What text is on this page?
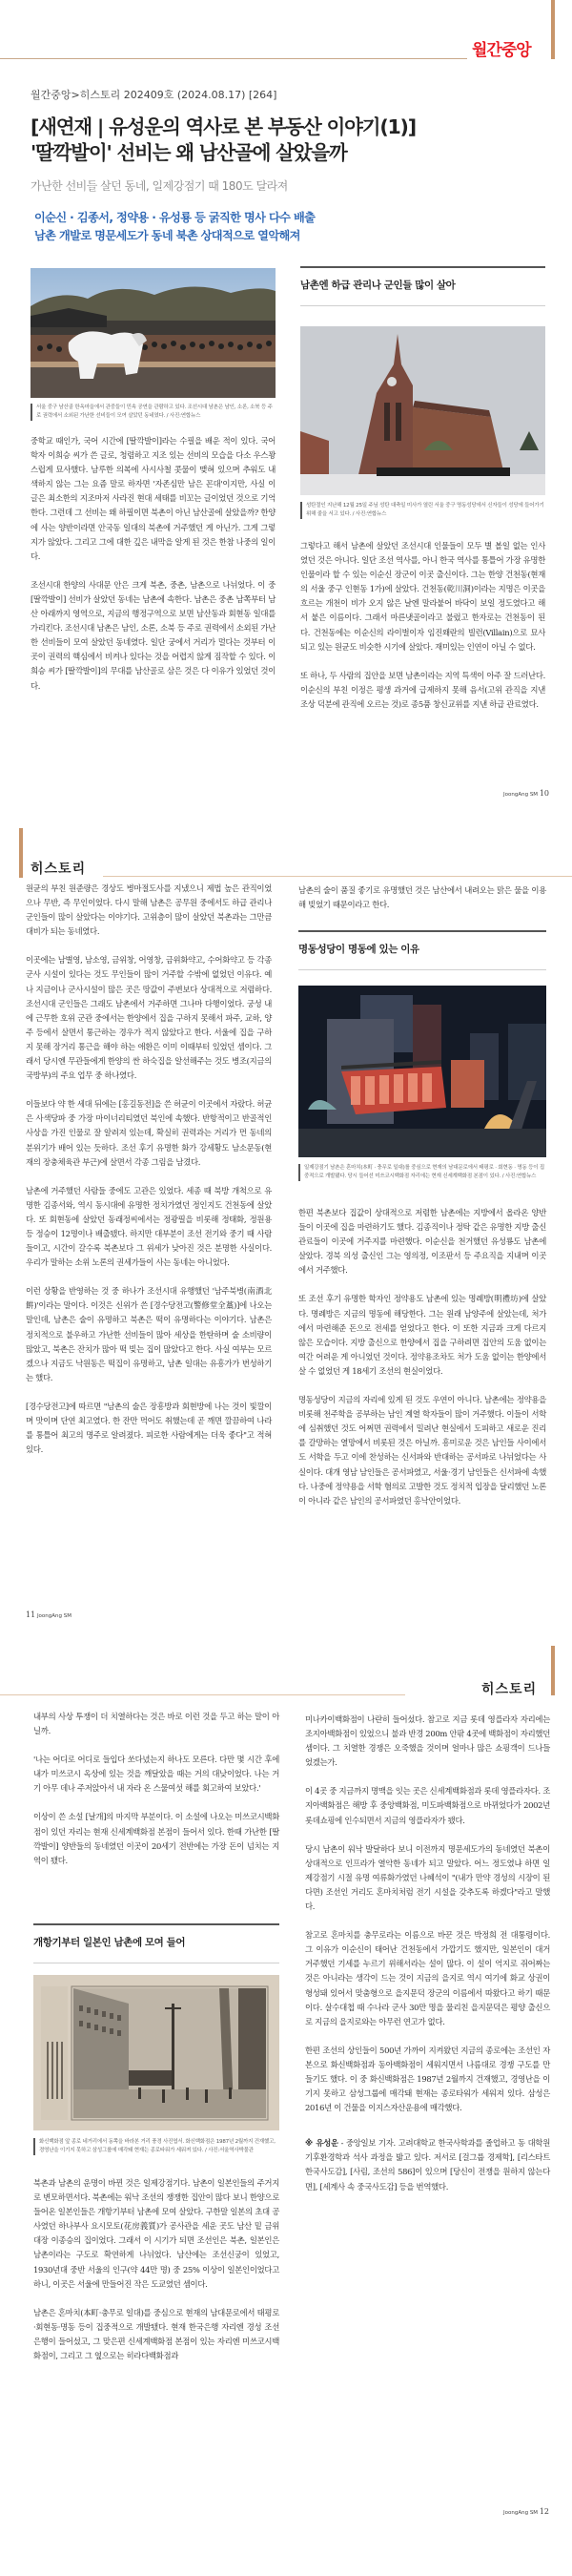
월간중앙
월간중앙>히스토리 202409호 (2024.08.17) [264]
[새연재 | 유성운의 역사로 본 부동산 이야기(1)]
'딸깍발이' 선비는 왜 남산골에 살았을까
가난한 선비들 살던 동네, 일제강점기 때 180도 달라져
이순신 · 김종서, 정약용 · 유성룡 등 굵직한 명사 다수 배출
남촌 개발로 명문세도가 동네 북촌 상대적으로 열악해져
서울 중구 남산골 한옥마을에서 관중들이 민속 공연을 관람하고 있다. 조선시대 남촌은 남인, 소론, 소북 등 주로 권력에서 소외된 가난한 선비들이 모여 살았던 동네였다. / 사진:연합뉴스

중학교 때인가, 국어 시간에 [딸깍발이]라는 수필을 배운 적이 있다. 국어학자 이희승 씨가 쓴 글로, 청렴하고 지조 있는 선비의 모습을 다소 우스꽝스럽게 묘사했다. 남루한 의복에 사시사철 콧물이 맺혀 있으며 추워도 내색하지 않는 그는 요즘 말로 하자면 '자존심만 남은 꼰대'이지만, 사실 이 글은 최소한의 지조마저 사라진 현대 세태를 비꼬는 글이었던 것으로 기억한다. 그런데 그 선비는 왜 하필이면 북촌이 아닌 남산골에 살았을까? 한양에 사는 양반이라면 안국동 일대의 북촌에 거주했던 게 아닌가. 그게 그렇지가 않았다. 그리고 그에 대한 깊은 내막을 알게 된 것은 한참 나중의 일이다.

조선시대 한양의 사대문 안은 크게 북촌, 중촌, 남촌으로 나뉘었다. 이 중 [딸깍발이] 선비가 살았던 동네는 남촌에 속한다. 남촌은 중촌 남쪽부터 남산 아래까지 영역으로, 지금의 행정구역으로 보면 남산동과 회현동 일대를 가리킨다. 조선시대 남촌은 남인, 소론, 소북 등 주로 권력에서 소외된 가난한 선비들이 모여 살았던 동네였다. 일단 궁에서 거리가 멀다는 것부터 이곳이 권력의 핵심에서 비켜나 있다는 것을 어렵지 않게 짐작할 수 있다. 이희승 씨가 [딸깍발이]의 무대를 남산골로 삼은 것은 다 이유가 있었던 것이다.

남촌엔 하급 관리나 군인들 많이 살아
성탄절인 지난해 12월 25일 주님 성탄 대축일 미사가 열린 서울 중구 명동성당에서 신자들이 성당에 들어가기 위해 줄을 서고 있다. / 사진:연합뉴스

그렇다고 해서 남촌에 살았던 조선시대 인물들이 모두 별 볼일 없는 인사였던 것은 아니다. 일단 조선 역사를, 아니 한국 역사를 통틀어 가장 유명한 인물이라 할 수 있는 이순신 장군이 이곳 출신이다. 그는 한양 건천동(현재의 서울 중구 인현동 1가)에 살았다. 건천동(乾川洞)이라는 지명은 이곳을 흐르는 개천이 비가 오지 않은 날엔 말라붙어 바닥이 보일 정도였다고 해서 붙은 이름이다. 그래서 마른냇골이라고 불렀고 한자로는 건천동이 된다. 건천동에는 이순신의 라이벌이자 임진왜란의 빌런(Villain)으로 묘사되고 있는 원균도 비슷한 시기에 살았다. 재미있는 인연이 아닐 수 없다.

또 하나, 두 사람의 집안을 보면 남촌이라는 지역 특색이 아주 잘 드러난다. 이순신의 부친 이정은 평생 과거에 급제하지 못해 음서(고위 관직을 지낸 조상 덕분에 관직에 오르는 것)로 종5품 창신교위를 지낸 하급 관료였다.

JoongAng SM 10
히스토리

원균의 부친 원준량은 경상도 병마절도사를 지냈으니 제법 높은 관직이었으나 무반, 즉 무인이었다. 다시 말해 남촌은 공무원 중에서도 하급 관리나 군인들이 많이 살았다는 이야기다. 고위층이 많이 살았던 북촌과는 그만큼 대비가 되는 동네였다.

이곳에는 남별영, 남소영, 금위창, 어영창, 금위화약고, 수어화약고 등 각종 군사 시설이 있다는 것도 무인들이 많이 거주할 수밖에 없었던 이유다. 예나 지금이나 군사시설이 많은 곳은 땅값이 주변보다 상대적으로 저렴하다. 조선시대 군인들은 그래도 남촌에서 거주하면 그나마 다행이었다. 궁성 내에 근무한 호위 군관 중에서는 한양에서 집을 구하지 못해서 파주, 교하, 양주 등에서 살면서 통근하는 경우가 적지 않았다고 한다. 서울에 집을 구하지 못해 장거리 통근을 해야 하는 애환은 이미 이때부터 있었던 셈이다. 그래서 당시엔 무관들에게 한양의 싼 하숙집을 알선해주는 것도 병조(지금의 국방부)의 주요 업무 중 하나였다.

이들보다 약 한 세대 뒤에는 [홍길동전]을 쓴 허균이 이곳에서 자랐다. 허균은 사색당파 중 가장 마이너리티였던 북인에 속했다. 반항적이고 반골적인 사상을 가진 인물로 잘 알려져 있는데, 확실히 권력과는 거리가 먼 동네의 분위기가 배어 있는 듯하다. 조선 후기 유명한 화가 강세황도 남소문동(현재의 장충체육관 부근)에 살면서 각종 그림을 남겼다.

남촌에 거주했던 사람들 중에도 고관은 있었다. 세종 때 북방 개척으로 유명한 김종서와, 역시 동시대에 유명한 정치가였던 정인지도 건천동에 살았다. 또 회현동에 살았던 동래정씨에서는 정광필을 비롯해 정태화, 정원용 등 정승이 12명이나 배출됐다. 하지만 대부분이 조선 전기와 중기 때 사람들이고, 시간이 갈수록 북촌보다 그 위세가 낮아진 것은 분명한 사실이다. 우리가 말하는 소위 노론의 권세가들이 사는 동네는 아니었다.

이런 상황을 반영하는 것 중 하나가 조선시대 유행했던 '남주북병(南酒北餠)'이라는 말이다. 이것은 신위가 쓴 [경수당전고(警修堂全藁)]에 나오는 말인데, 남촌은 술이 유명하고 북촌은 떡이 유명하다는 이야기다. 남촌은 정치적으로 불우하고 가난한 선비들이 많아 세상을 한탄하며 술 소비량이 많았고, 북촌은 잔치가 많아 떡 빚는 집이 많았다고 한다. 사실 여부는 모르겠으나 지금도 낙원동은 떡집이 유명하고, 남촌 일대는 유흥가가 번성하기는 했다.

[경수당전고]에 따르면 "남촌의 술은 장흥방과 회현방에 나는 것이 빛깔이며 맛이며 단연 최고였다. 한 잔만 먹어도 취했는데 곧 깨면 깔끔하여 나라를 통틀어 최고의 명주로 알려졌다. 피로한 사람에게는 더욱 좋다"고 적혀 있다.

11 JoongAng SM

남촌의 술이 품질 좋기로 유명했던 것은 남산에서 내려오는 맑은 물을 이용해 빚었기 때문이라고 한다.

명동성당이 명동에 있는 이유
일제강점기 남촌은 혼마치(本町 · 충무로 일대)를 중심으로 현재의 남대문로에서 태평로 · 회현동 · 명동 등이 집중적으로 개발됐다. 당시 들어선 미쓰코시백화점 자리에는 현재 신세계백화점 본점이 있다. / 사진:연합뉴스

한편 북촌보다 집값이 상대적으로 저렴한 남촌에는 지방에서 올라온 양반들이 이곳에 집을 마련하기도 했다. 김종직이나 정탁 같은 유명한 지방 출신 관료들이 이곳에 거주지를 마련했다. 이순신을 천거했던 유성룡도 남촌에 살았다. 경북 의성 출신인 그는 영의정, 이조판서 등 주요직을 지내며 이곳에서 거주했다.

또 조선 후기 유명한 학자인 정약용도 남촌에 있는 명례방(明禮坊)에 살았다. 명례방은 지금의 명동에 해당한다. 그는 원래 남양주에 살았는데, 처가에서 마련해준 돈으로 전세를 얻었다고 한다. 이 또한 지금과 크게 다르지 않은 모습이다. 지방 출신으로 한양에서 집을 구하려면 집안의 도움 없이는 여간 어려운 게 아니었던 것이다. 정약용조차도 처가 도움 없이는 한양에서 살 수 없었던 게 18세기 조선의 현실이었다.

명동성당이 지금의 자리에 있게 된 것도 우연이 아니다. 남촌에는 정약용을 비롯해 천주학을 공부하는 남인 계열 학자들이 많이 거주했다. 이들이 서학에 심취했던 것도 어쩌면 권력에서 밀려난 현실에서 도피하고 새로운 진리를 갈망하는 열망에서 비롯된 것은 아닐까. 흥미로운 것은 남인들 사이에서도 서학을 두고 이에 찬성하는 신서파와 반대하는 공서파로 나뉘었다는 사실이다. 대개 영남 남인들은 공서파였고, 서울·경기 남인들은 신서파에 속했다. 나중에 정약용을 서학 혐의로 고발한 것도 정치적 입장을 달리했던 노론이 아니라 같은 남인의 공서파였던 홍낙안이었다.

히스토리

내부의 사상 투쟁이 더 치열하다는 것은 바로 이런 것을 두고 하는 말이 아닐까.

'나는 어디로 어디로 들입다 쏘다녔는지 하나도 모른다. 다만 몇 시간 후에 내가 미쓰코시 옥상에 있는 것을 깨달았을 때는 거의 대낮이었다. 나는 거기 아무 데나 주저앉아서 내 자라 온 스물여섯 해를 회고하여 보았다.'

이상이 쓴 소설 [날개]의 마지막 부분이다. 이 소설에 나오는 미쓰코시백화점이 있던 자리는 현재 신세계백화점 본점이 들어서 있다. 한때 가난한 [딸깍발이] 양반들의 동네였던 이곳이 20세기 전반에는 가장 돈이 넘치는 지역이 됐다.

개항기부터 일본인 남촌에 모여 들어
화신백화점 앞 종로 네거리에서 동쪽을 바라본 거리 풍경 사진엽서. 화신백화점은 1987년 2월까지 건재했고, 경영난을 이기지 못하고 삼성그룹에 매각돼 현재는 종로타워가 세워져 있다. / 사진:서울역사박물관

북촌과 남촌의 운명이 바뀐 것은 일제강점기다. 남촌이 일본인들의 주거지로 변모하면서다. 북촌에는 워낙 조선의 쟁쟁한 집안이 많다 보니 한양으로 들어온 일본인들은 개항기부터 남촌에 모여 살았다. 구한말 일본의 초대 공사였던 하나부사 요시모토(花房義質)가 공사관을 세운 곳도 남산 밑 금위대장 이종승의 집이었다. 그래서 이 시기가 되면 조선인은 북촌, 일본인은 남촌이라는 구도로 확연하게 나뉘었다. 남산에는 조선신궁이 있었고, 1930년대 중반 서울의 인구(약 44만 명) 중 25% 이상이 일본인이었다고 하니, 이곳은 서울에 만들어진 작은 도쿄였던 셈이다.

남촌은 혼마치(本町·충무로 일대)를 중심으로 현재의 남대문로에서 태평로·회현동·명동 등이 집중적으로 개발됐다. 현재 한국은행 자리엔 경성 조선은행이 들어섰고, 그 맞은편 신세계백화점 본점이 있는 자리엔 미쓰코시백화점이, 그리고 그 옆으로는 히라다백화점과

미나카이백화점이 나란히 들어섰다. 참고로 지금 롯데 영플라자 자리에는 조지아백화점이 있었으니 불과 반경 200m 안팎 4곳에 백화점이 자리했던 셈이다. 그 치열한 경쟁은 오죽했을 것이며 얼마나 많은 쇼핑객이 드나들었겠는가.

이 4곳 중 지금까지 명맥을 잇는 곳은 신세계백화점과 롯데 영플라자다. 조지아백화점은 해방 후 중앙백화점, 미도파백화점으로 바뀌었다가 2002년 롯데쇼핑에 인수되면서 지금의 영플라자가 됐다.

당시 남촌이 워낙 발달하다 보니 이전까지 명문세도가의 동네였던 북촌이 상대적으로 인프라가 열악한 동네가 되고 말았다. 어느 정도였냐 하면 일제강점기 시절 유명 여류화가였던 나혜석이 "(내가 만약 경성의 시장이 된다면) 조선인 거리도 혼마치처럼 전기 시설을 갖추도록 하겠다"라고 말했다.

참고로 혼마치를 충무로라는 이름으로 바꾼 것은 박정희 전 대통령이다. 그 이유가 이순신이 태어난 건천동에서 가깝기도 했지만, 일본인이 대거 거주했던 기세를 누르기 위해서라는 설이 많다. 이 설이 억지로 쥐어짜는 것은 아니라는 생각이 드는 것이 지금의 을지로 역시 여기에 화교 상권이 형성돼 있어서 맞춤형으로 을지문덕 장군의 이름에서 따왔다고 하기 때문이다. 살수대첩 때 수나라 군사 30만 명을 물리친 을지문덕은 평양 출신으로 지금의 을지로와는 아무런 연고가 없다.

한편 조선의 상인들이 500년 가까이 지켜왔던 지금의 종로에는 조선인 자본으로 화신백화점과 동아백화점이 세워지면서 나름대로 경쟁 구도를 만들기도 했다. 이 중 화신백화점은 1987년 2월까지 건재했고, 경영난을 이기지 못하고 삼성그룹에 매각돼 현재는 종로타워가 세워져 있다. 삼성은 2016년 이 건물을 이지스자산운용에 매각했다.

※ 유성운 - 중앙일보 기자. 고려대학교 한국사학과를 졸업하고 동 대학원 기후환경학과 석사 과정을 밟고 있다. 저서로 [걸그룹 경제학], [리스타트 한국사도감], [사림, 조선의 586]이 있으며 [당신이 전쟁을 원하지 않는다면], [세계사 속 중국사도감] 등을 번역했다.

JoongAng SM 12
